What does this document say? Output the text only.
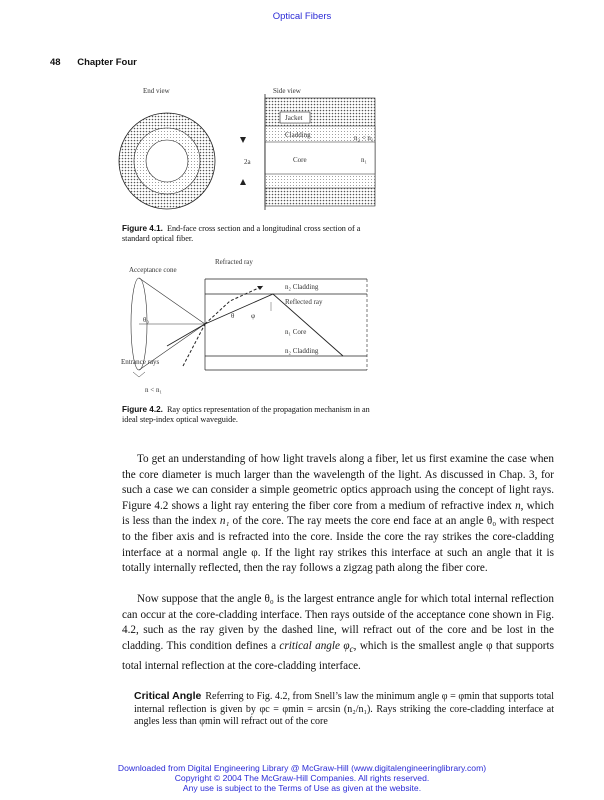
Optical Fibers
48 Chapter Four
End view	Side view
2a
Jacket
Cladding
Core
n₂ < n₁
n₁
Figure 4.1. End-face cross section and a longitudinal cross section of a standard optical fiber.
Refracted ray
Acceptance cone
θ₀	θ φ
n₂ Cladding
Reflected ray
n₁ Core
n₂ Cladding
Entrance rays
n < n₁
Figure 4.2. Ray optics representation of the propagation mechanism in an ideal step-index optical waveguide.

To get an understanding of how light travels along a fiber, let us first examine the case when the core diameter is much larger than the wavelength of the light. As discussed in Chap. 3, for such a case we can consider a simple geometric optics approach using the concept of light rays. Figure 4.2 shows a light ray entering the fiber core from a medium of refractive index n, which is less than the index n₁ of the core. The ray meets the core end face at an angle θ₀ with respect to the fiber axis and is refracted into the core. Inside the core the ray strikes the core-cladding interface at a normal angle φ. If the light ray strikes this interface at such an angle that it is totally internally reflected, then the ray follows a zigzag path along the fiber core.

Now suppose that the angle θ₀ is the largest entrance angle for which total internal reflection can occur at the core-cladding interface. Then rays outside of the acceptance cone shown in Fig. 4.2, such as the ray given by the dashed line, will refract out of the core and be lost in the cladding. This condition defines a critical angle $\varphi_c$, which is the smallest angle φ that supports total internal reflection at the core-cladding interface.

Critical Angle Referring to Fig. 4.2, from Snell’s law the minimum angle φ = φmin that supports total internal reflection is given by φc = φmin = arcsin (n₂/n₁). Rays striking the core-cladding interface at angles less than φmin will refract out of the core
Downloaded from Digital Engineering Library @ McGraw-Hill (www.digitalengineeringlibrary.com)
Copyright © 2004 The McGraw-Hill Companies. All rights reserved.
Any use is subject to the Terms of Use as given at the website.
